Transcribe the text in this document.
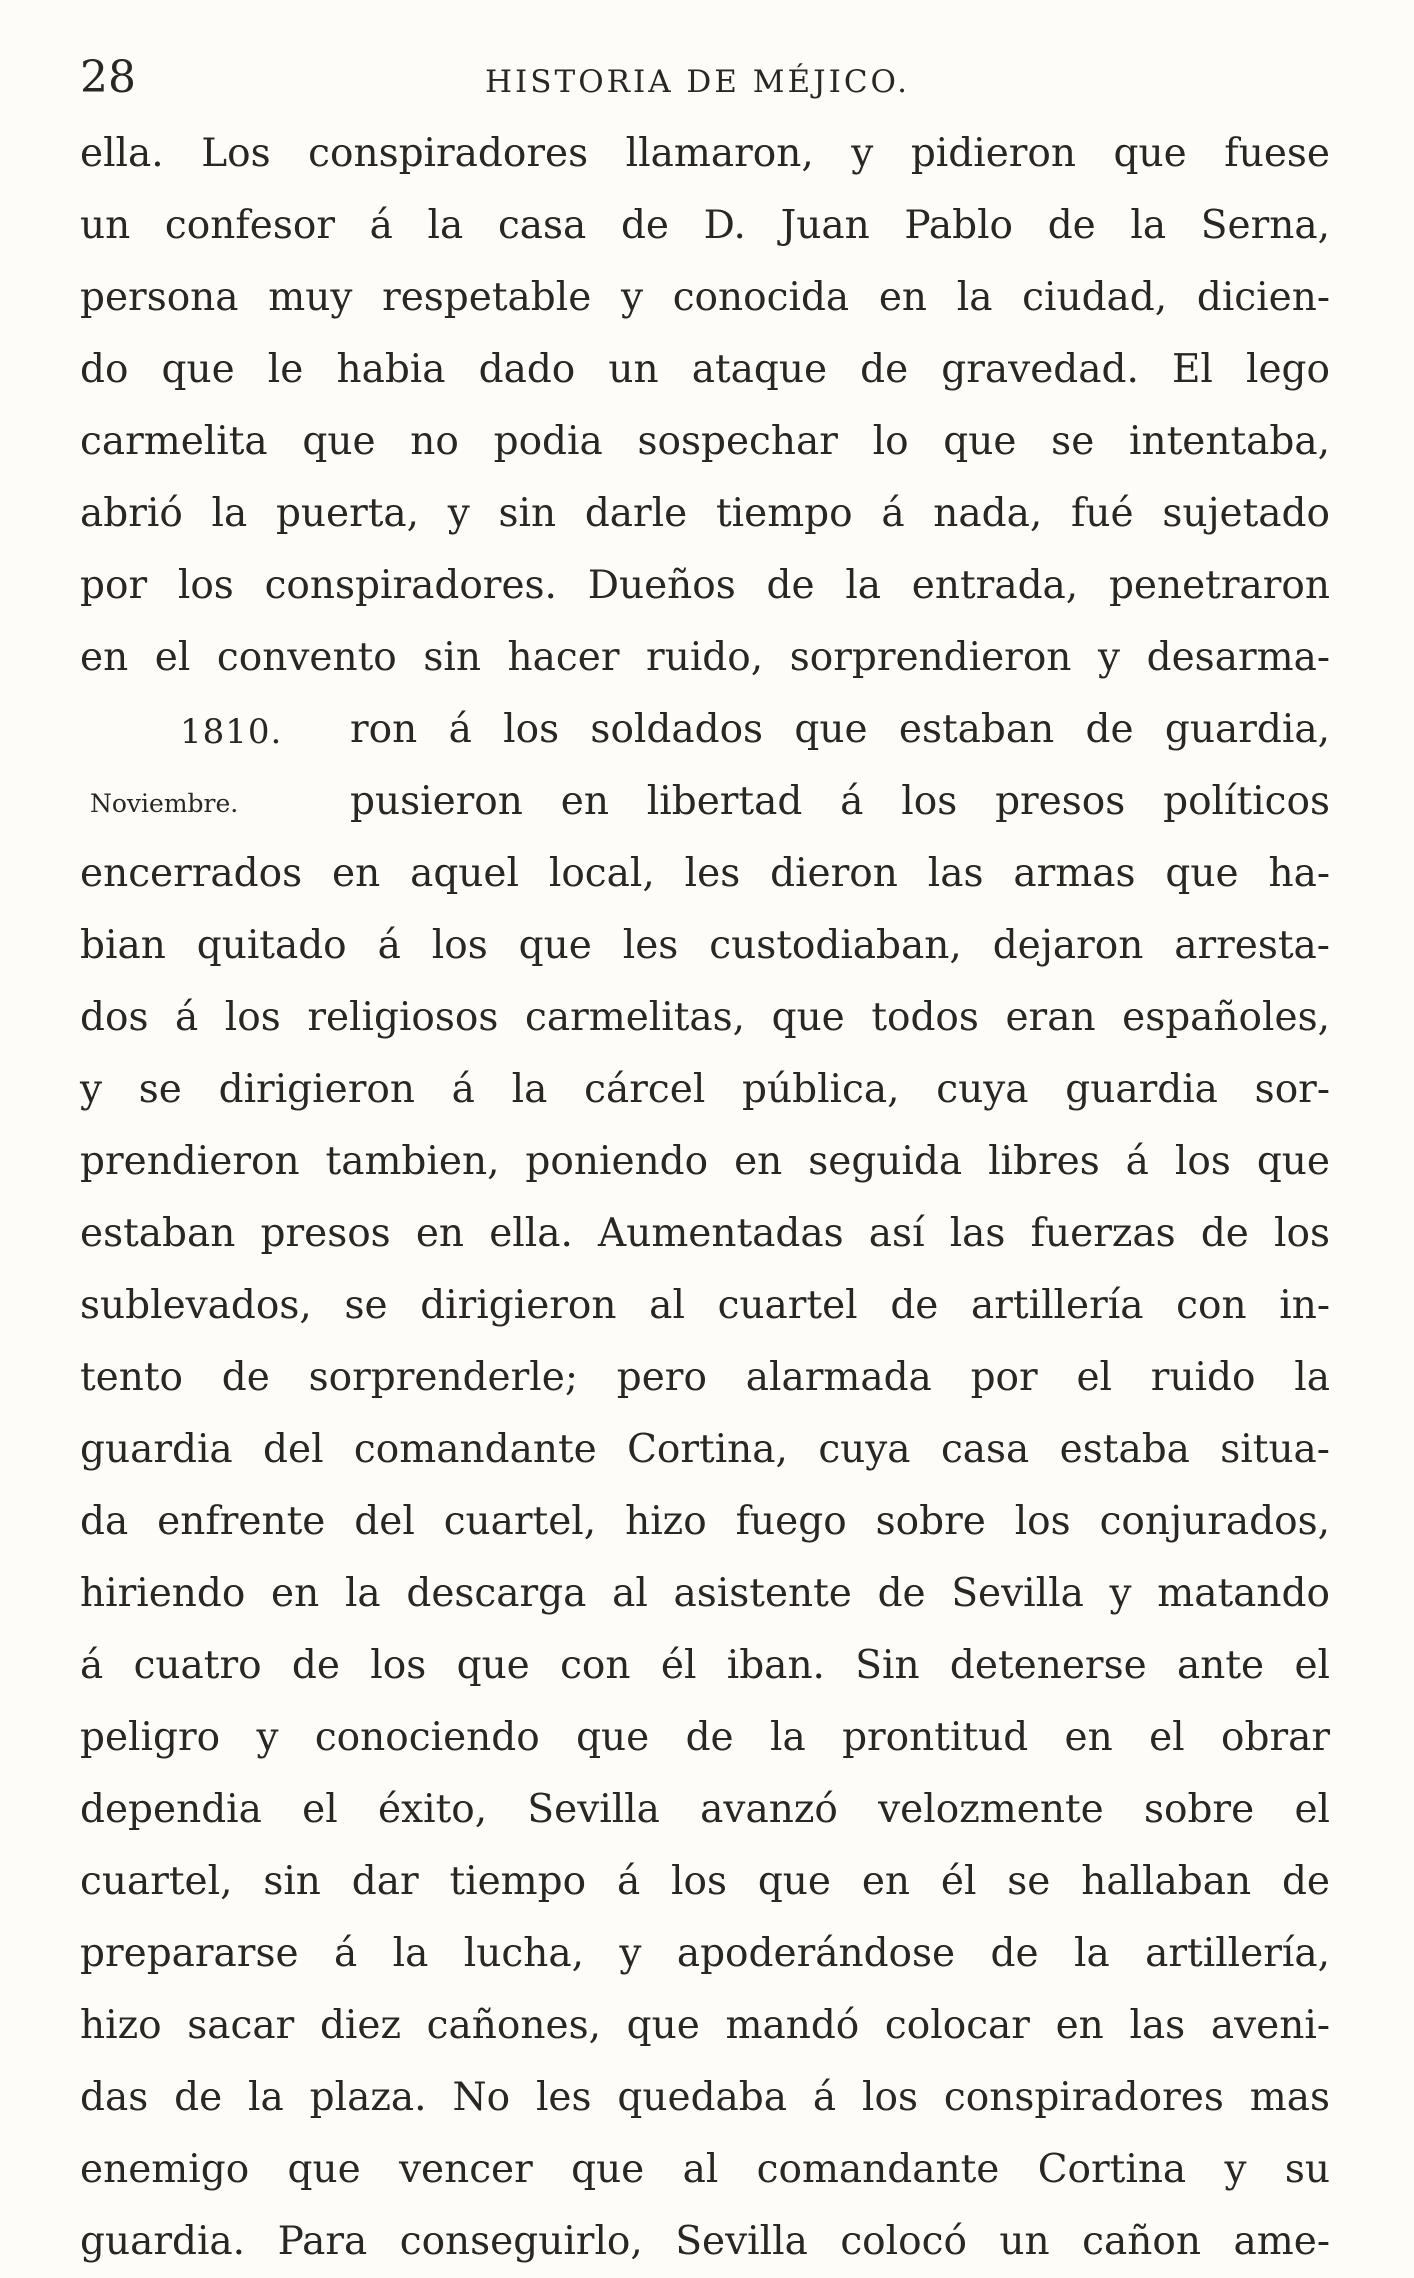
28	HISTORIA DE MÉJICO.
ella. Los conspiradores llamaron, y pidieron que fuese
un confesor á la casa de D. Juan Pablo de la Serna,
persona muy respetable y conocida en la ciudad, dicien-
do que le habia dado un ataque de gravedad. El lego
carmelita que no podia sospechar lo que se intentaba,
abrió la puerta, y sin darle tiempo á nada, fué sujetado
por los conspiradores. Dueños de la entrada, penetraron
en el convento sin hacer ruido, sorprendieron y desarma-
1810. ron á los soldados que estaban de guardia,
Noviembre.	pusieron en libertad á los presos políticos
encerrados en aquel local, les dieron las armas que ha-
bian quitado á los que les custodiaban, dejaron arresta-
dos á los religiosos carmelitas, que todos eran españoles,
y se dirigieron á la cárcel pública, cuya guardia sor-
prendieron tambien, poniendo en seguida libres á los que
estaban presos en ella. Aumentadas así las fuerzas de los
sublevados, se dirigieron al cuartel de artillería con in-
tento de sorprenderle; pero alarmada por el ruido la
guardia del comandante Cortina, cuya casa estaba situa-
da enfrente del cuartel, hizo fuego sobre los conjurados,
hiriendo en la descarga al asistente de Sevilla y matando
á cuatro de los que con él iban. Sin detenerse ante el
peligro y conociendo que de la prontitud en el obrar
dependia el éxito, Sevilla avanzó velozmente sobre el
cuartel, sin dar tiempo á los que en él se hallaban de
prepararse á la lucha, y apoderándose de la artillería,
hizo sacar diez cañones, que mandó colocar en las aveni-
das de la plaza. No les quedaba á los conspiradores mas
enemigo que vencer que al comandante Cortina y su
guardia. Para conseguirlo, Sevilla colocó un cañon ame-
